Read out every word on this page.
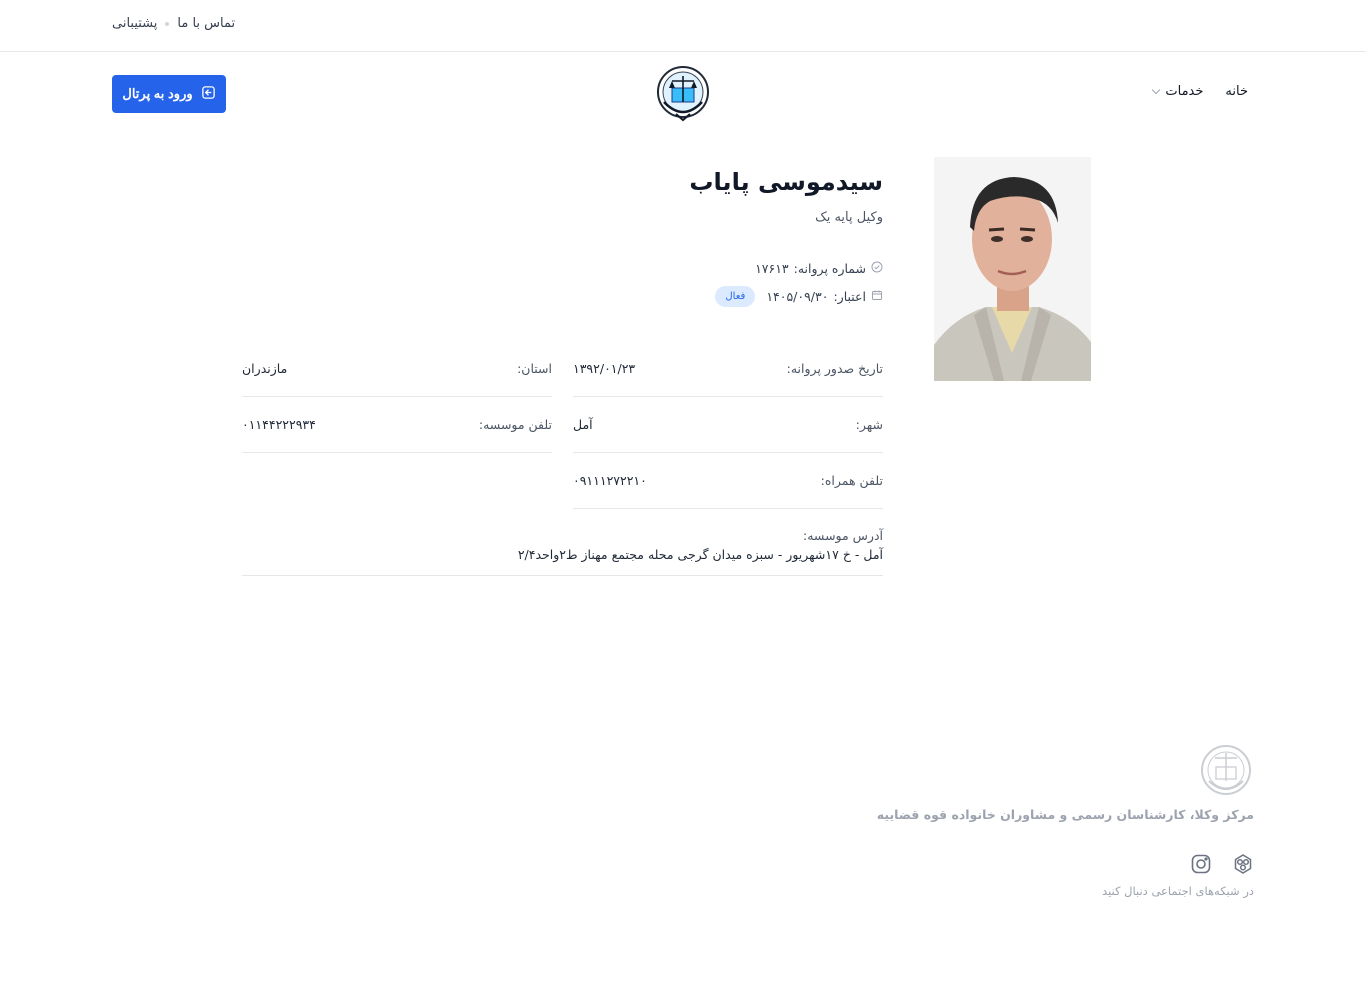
پشتیبانی تماس با ما
خانه
خدمات
ورود به پرتال
سیدموسی پایاب
وکیل پایه یک
شماره پروانه:
۱۷۶۱۳
اعتبار:
۱۴۰۵/۰۹/۳۰
فعال
تاریخ صدور پروانه:
۱۳۹۲/۰۱/۲۳
استان:
مازندران
شهر:
آمل
تلفن موسسه:
۰۱۱۴۴۲۲۲۹۳۴
تلفن همراه:
۰۹۱۱۱۲۷۲۲۱۰
آدرس موسسه:
آمل - خ ۱۷شهریور - سبزه میدان گرجی محله مجتمع مهناز ط۲واحد۲/۴
مرکز وکلا، کارشناسان رسمی و مشاوران خانواده قوه قضاییه
در شبکه‌های اجتماعی دنبال کنید
